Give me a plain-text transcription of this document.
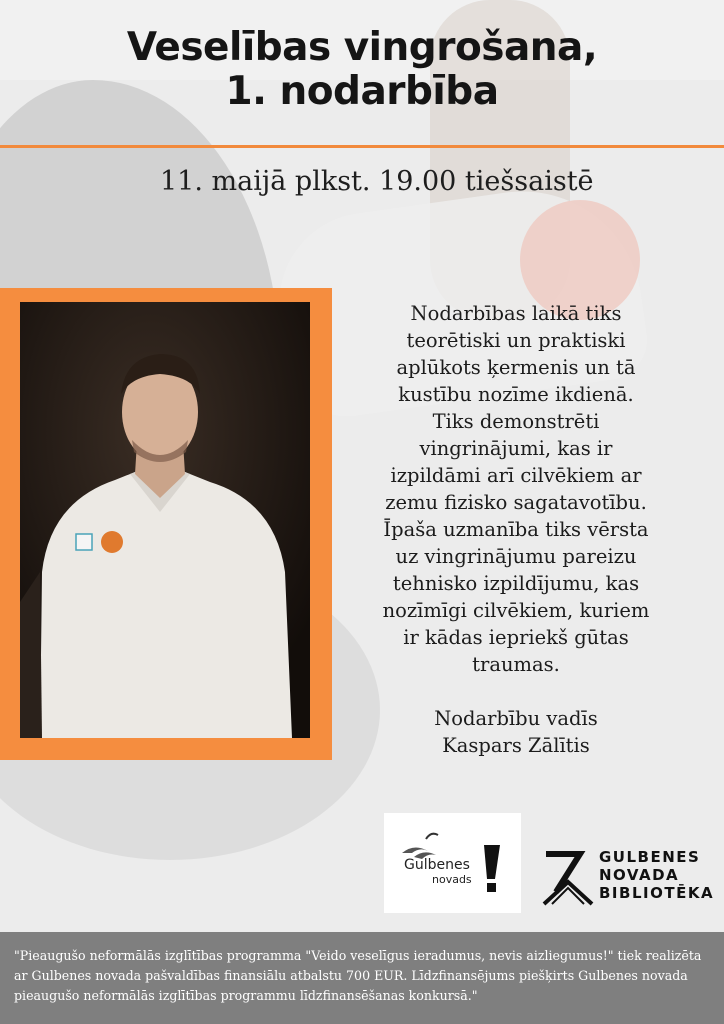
Veselības vingrošana,
1. nodarbība
11. maijā plkst. 19.00 tiešsaistē

Nodarbības laikā tiks
teorētiski un praktiski
aplūkots ķermenis un tā
kustību nozīme ikdienā.
Tiks demonstrēti
vingrinājumi, kas ir
izpildāmi arī cilvēkiem ar
zemu fizisko sagatavotību.
Īpaša uzmanība tiks vērsta
uz vingrinājumu pareizu
tehnisko izpildījumu, kas
nozīmīgi cilvēkiem, kuriem
ir kādas iepriekš gūtas
traumas.

Nodarbību vadīs
Kaspars Zālītis

Gulbenes
novads
GULBENES
NOVADA
BIBLIOTĒKA

"Pieaugušo neformālās izglītības programma "Veido veselīgus ieradumus, nevis aizliegumus!" tiek realizēta ar Gulbenes novada pašvaldības finansiālu atbalstu 700 EUR. Līdzfinansējums piešķirts Gulbenes novada pieaugušo neformālās izglītības programmu līdzfinansēšanas konkursā."
